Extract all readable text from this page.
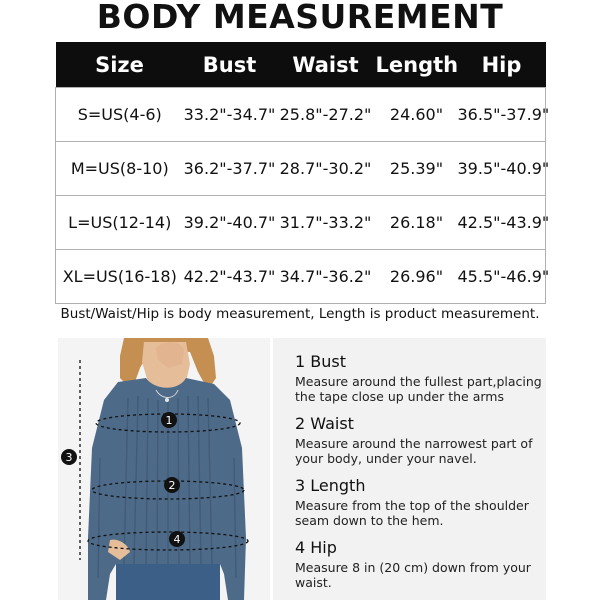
BODY MEASUREMENT
Size	Bust	Waist	Length	Hip
S=US(4-6)	33.2"-34.7"	25.8"-27.2"	24.60"	36.5"-37.9"
M=US(8-10)	36.2"-37.7"	28.7"-30.2"	25.39"	39.5"-40.9"
L=US(12-14)	39.2"-40.7"	31.7"-33.2"	26.18"	42.5"-43.9"
XL=US(16-18)	42.2"-43.7"	34.7"-36.2"	26.96"	45.5"-46.9"
Bust/Waist/Hip is body measurement, Length is product measurement.
1
2
3
4
1 Bust
Measure around the fullest part,placing the tape close up under the arms
2 Waist
Measure around the narrowest part of your body, under your navel.
3 Length
Measure from the top of the shoulder seam down to the hem.
4 Hip
Measure 8 in (20 cm) down from your waist.
